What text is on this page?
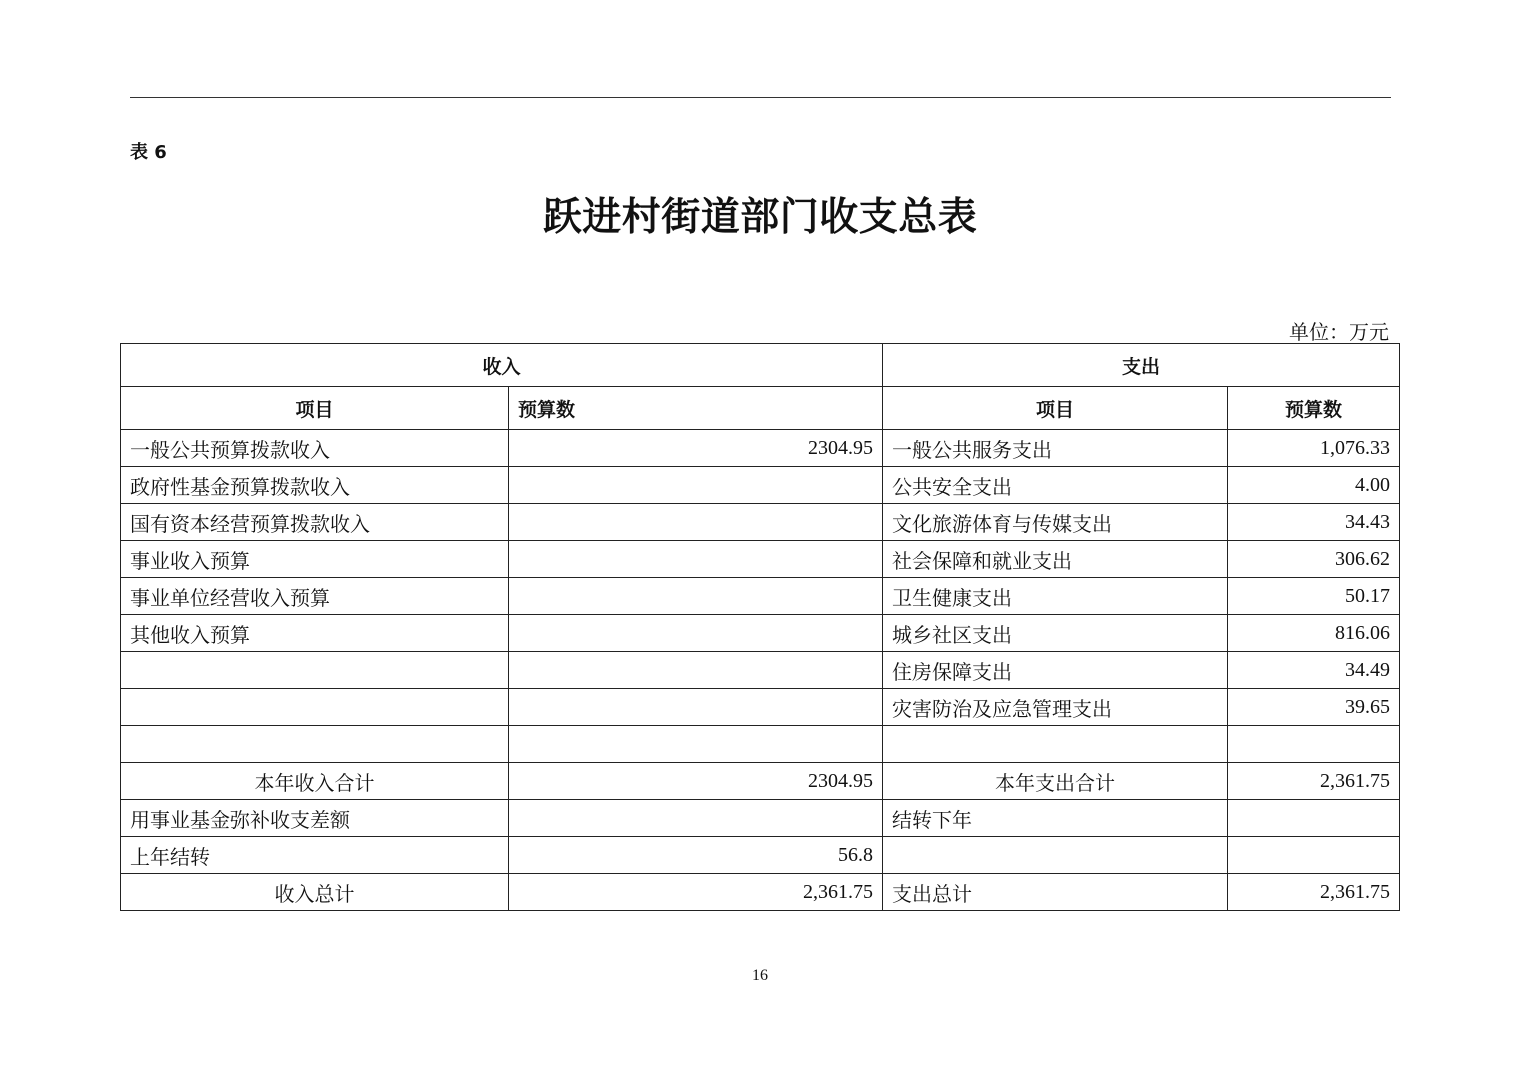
表 6
跃进村街道部门收支总表
单位：万元
收入		支出	
项目	预算数	项目	预算数
一般公共预算拨款收入	2304.95	一般公共服务支出	1,076.33
政府性基金预算拨款收入		公共安全支出	4.00
国有资本经营预算拨款收入		文化旅游体育与传媒支出	34.43
事业收入预算		社会保障和就业支出	306.62
事业单位经营收入预算		卫生健康支出	50.17
其他收入预算		城乡社区支出	816.06
		住房保障支出	34.49
		灾害防治及应急管理支出	39.65

本年收入合计	2304.95	本年支出合计	2,361.75
用事业基金弥补收支差额		结转下年	
上年结转	56.8		
收入总计	2,361.75	支出总计	2,361.75
16
